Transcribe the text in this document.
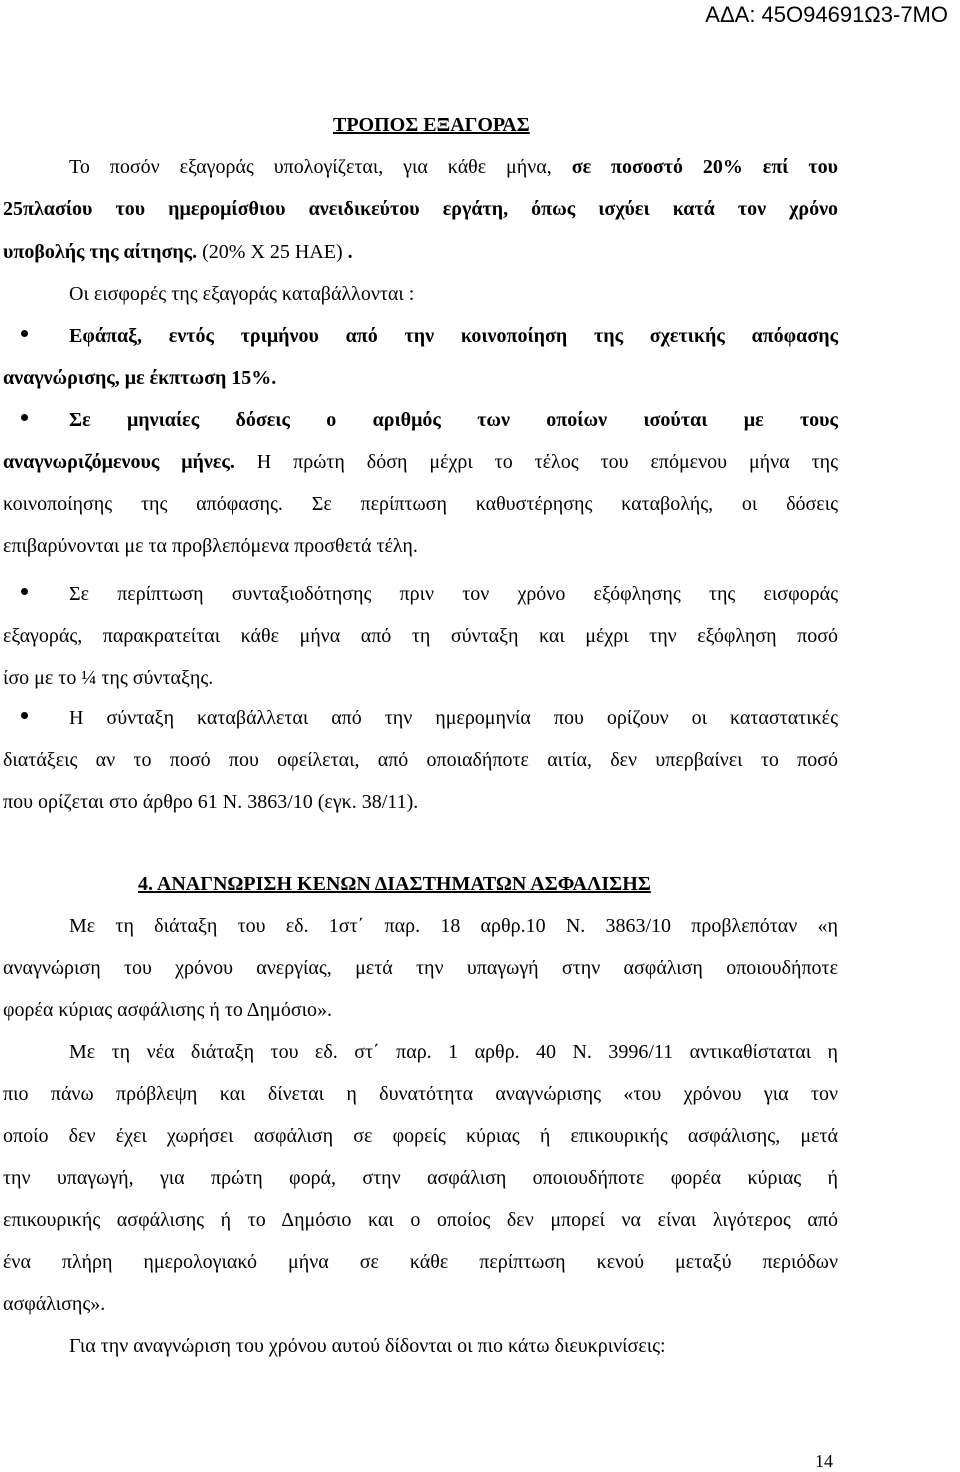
ΑΔΑ: 45Ο94691Ω3-7ΜΟ
ΤΡΟΠΟΣ ΕΞΑΓΟΡΑΣ
Το ποσόν εξαγοράς υπολογίζεται, για κάθε μήνα, σε ποσοστό 20% επί του
25πλασίου του ημερομίσθιου ανειδικεύτου εργάτη, όπως ισχύει κατά τον χρόνο
υποβολής της αίτησης. (20% Χ 25 ΗΑΕ) .
Οι εισφορές της εξαγοράς καταβάλλονται :
Εφάπαξ, εντός τριμήνου από την κοινοποίηση της σχετικής απόφασης
αναγνώρισης, με έκπτωση 15%.
Σε μηνιαίες δόσεις ο αριθμός των οποίων ισούται με τους
αναγνωριζόμενους μήνες. Η πρώτη δόση μέχρι το τέλος του επόμενου μήνα της
κοινοποίησης της απόφασης. Σε περίπτωση καθυστέρησης καταβολής, οι δόσεις
επιβαρύνονται με τα προβλεπόμενα προσθετά τέλη.
Σε περίπτωση συνταξιοδότησης πριν τον χρόνο εξόφλησης της εισφοράς
εξαγοράς, παρακρατείται κάθε μήνα από τη σύνταξη και μέχρι την εξόφληση ποσό
ίσο με το ¼ της σύνταξης.
Η σύνταξη καταβάλλεται από την ημερομηνία που ορίζουν οι καταστατικές
διατάξεις αν το ποσό που οφείλεται, από οποιαδήποτε αιτία, δεν υπερβαίνει το ποσό
που ορίζεται στο άρθρο 61 Ν. 3863/10 (εγκ. 38/11).
4. ΑΝΑΓΝΩΡΙΣΗ ΚΕΝΩΝ ΔΙΑΣΤΗΜΑΤΩΝ ΑΣΦΑΛΙΣΗΣ
Με τη διάταξη του εδ. 1στ΄ παρ. 18 αρθρ.10 Ν. 3863/10 προβλεπόταν «η
αναγνώριση του χρόνου ανεργίας, μετά την υπαγωγή στην ασφάλιση οποιουδήποτε
φορέα κύριας ασφάλισης ή το Δημόσιο».
Με τη νέα διάταξη του εδ. στ΄ παρ. 1 αρθρ. 40 Ν. 3996/11 αντικαθίσταται η
πιο πάνω πρόβλεψη και δίνεται η δυνατότητα αναγνώρισης «του χρόνου για τον
οποίο δεν έχει χωρήσει ασφάλιση σε φορείς κύριας ή επικουρικής ασφάλισης, μετά
την υπαγωγή, για πρώτη φορά, στην ασφάλιση οποιουδήποτε φορέα κύριας ή
επικουρικής ασφάλισης ή το Δημόσιο και ο οποίος δεν μπορεί να είναι λιγότερος από
ένα πλήρη ημερολογιακό μήνα σε κάθε περίπτωση κενού μεταξύ περιόδων
ασφάλισης».
Για την αναγνώριση του χρόνου αυτού δίδονται οι πιο κάτω διευκρινίσεις:
14
